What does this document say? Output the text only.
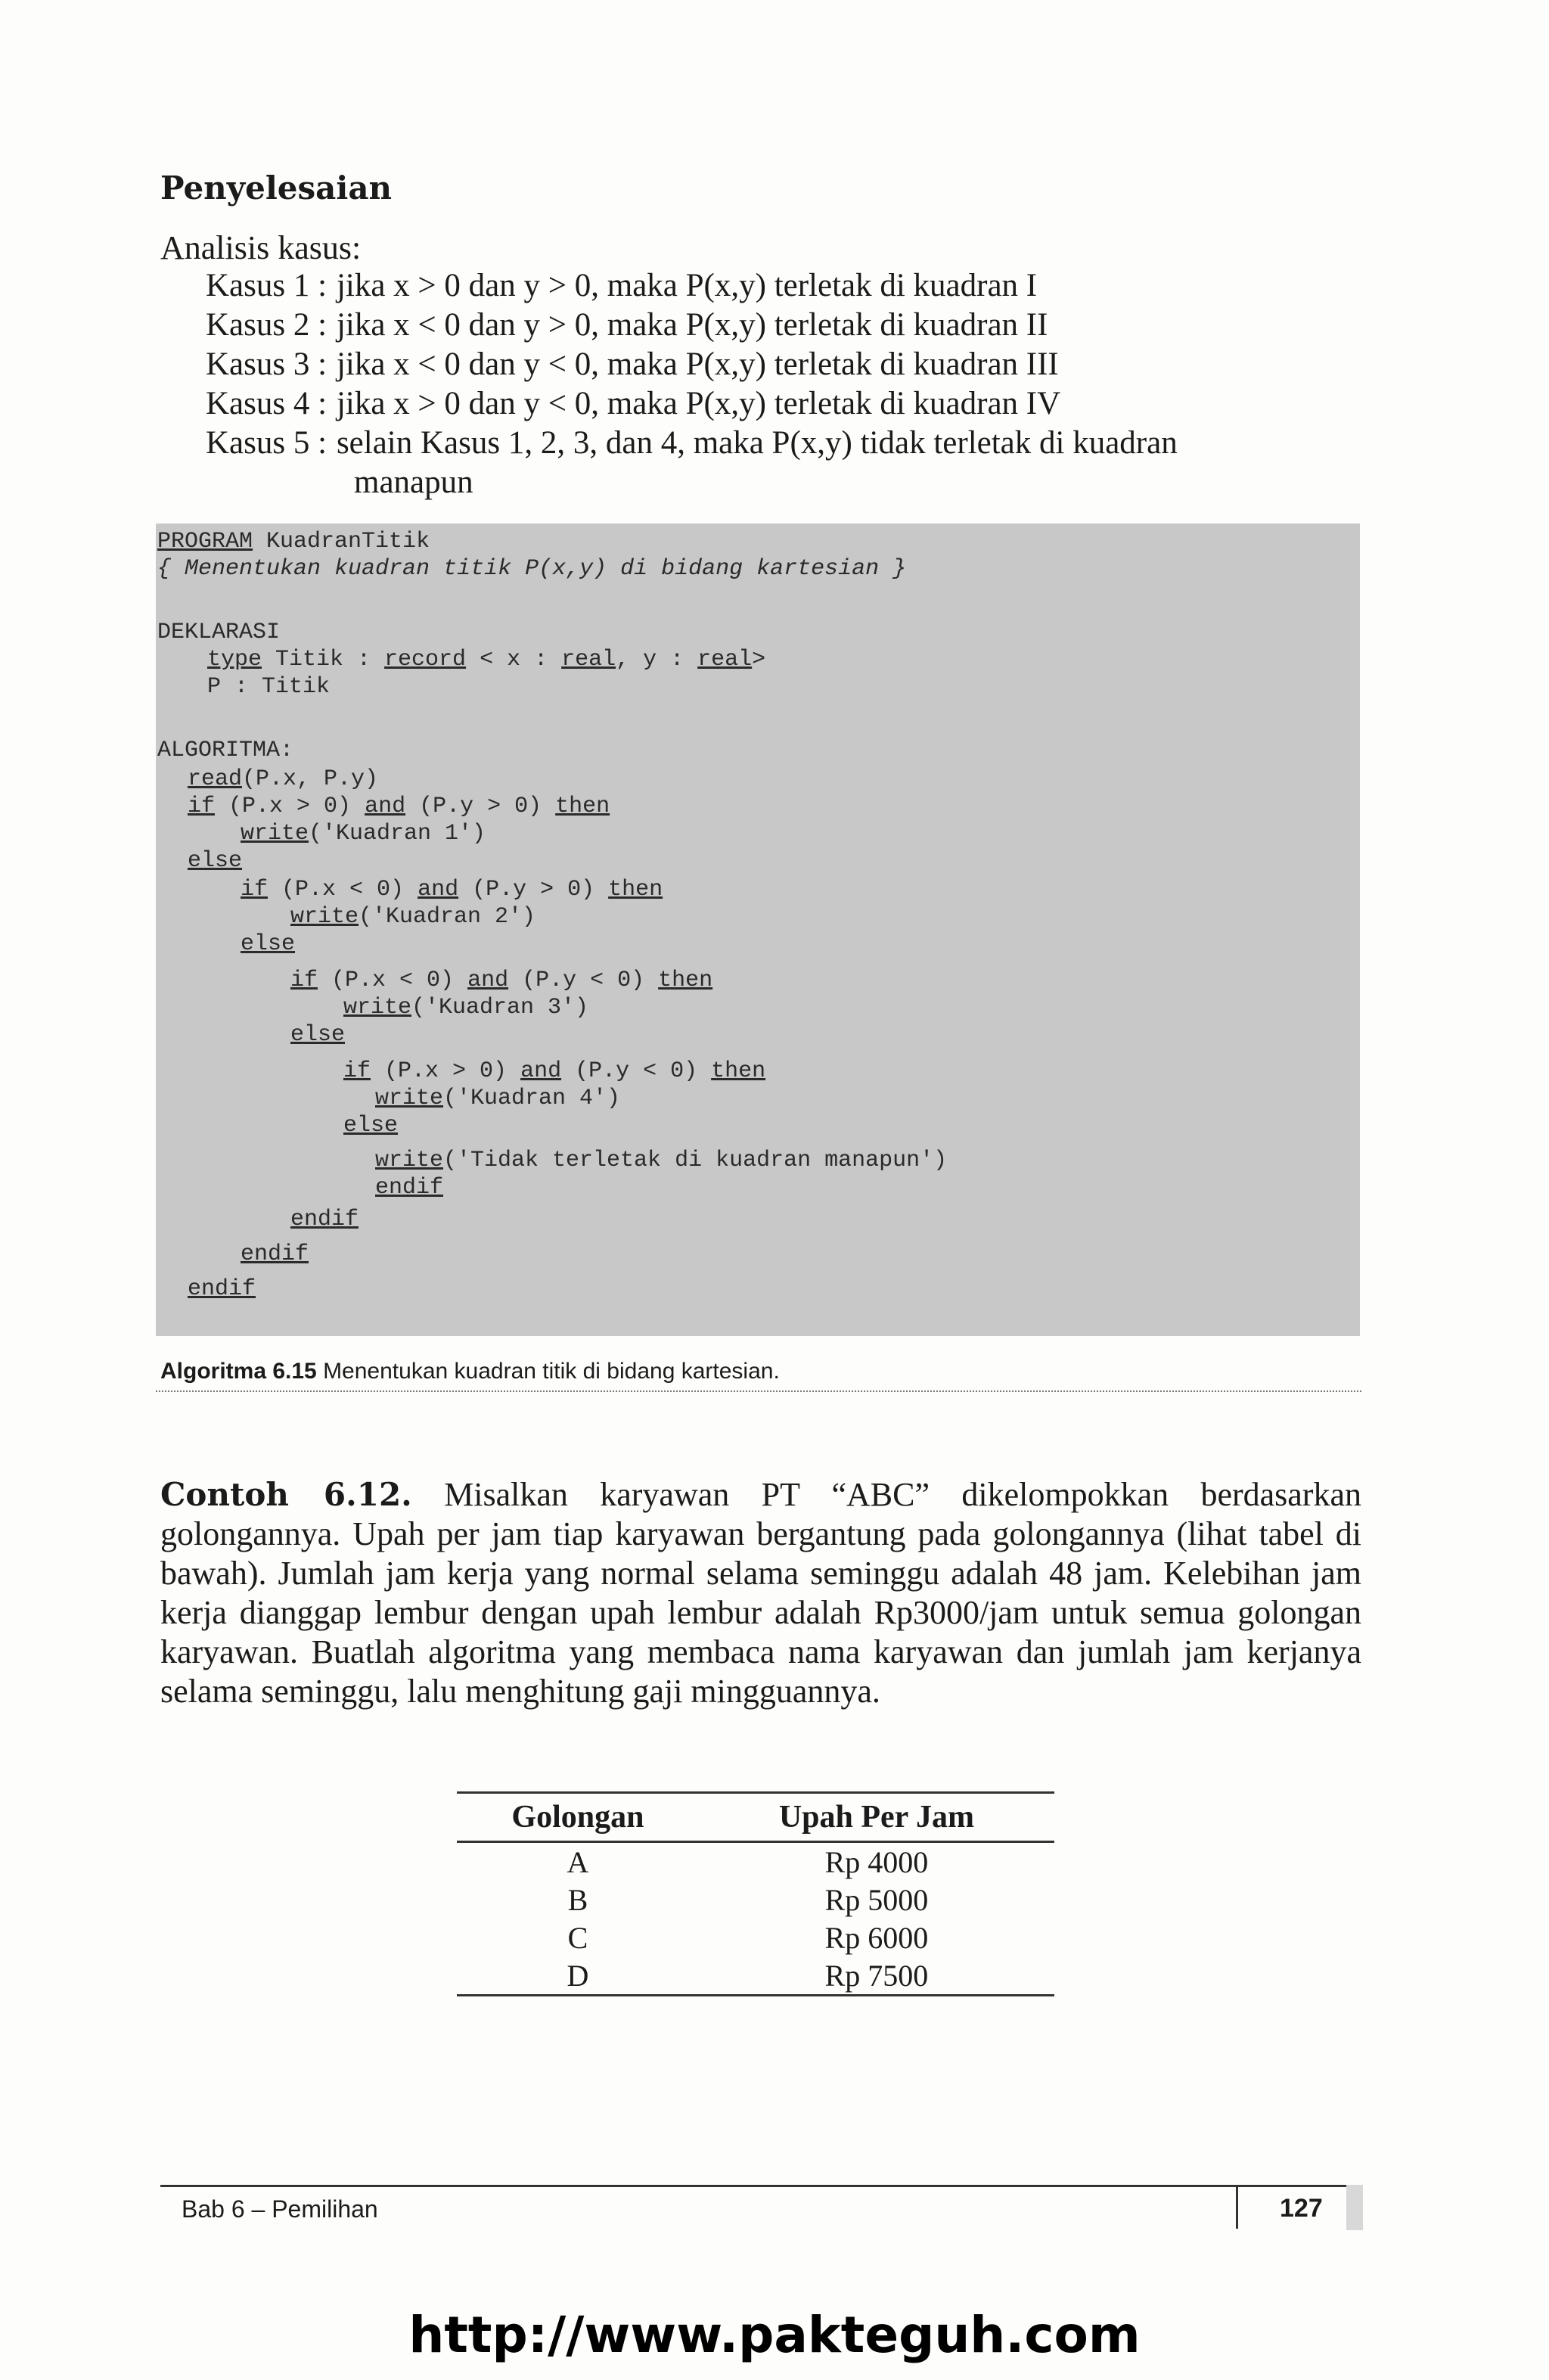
Penyelesaian
Analisis kasus:
Kasus 1 : jika x > 0 dan y > 0, maka P(x,y) terletak di kuadran I
Kasus 2 : jika x < 0 dan y > 0, maka P(x,y) terletak di kuadran II
Kasus 3 : jika x < 0 dan y < 0, maka P(x,y) terletak di kuadran III
Kasus 4 : jika x > 0 dan y < 0, maka P(x,y) terletak di kuadran IV
Kasus 5 : selain Kasus 1, 2, 3, dan 4, maka P(x,y) tidak terletak di kuadran
manapun
PROGRAM KuadranTitik
{ Menentukan kuadran titik P(x,y) di bidang kartesian }
DEKLARASI
type Titik : record < x : real, y : real>
P : Titik
ALGORITMA:
read(P.x, P.y)
if (P.x > 0) and (P.y > 0) then
write('Kuadran 1')
else
if (P.x < 0) and (P.y > 0) then
write('Kuadran 2')
else
if (P.x < 0) and (P.y < 0) then
write('Kuadran 3')
else
if (P.x > 0) and (P.y < 0) then
write('Kuadran 4')
else
write('Tidak terletak di kuadran manapun')
endif
endif
endif
endif
Algoritma 6.15 Menentukan kuadran titik di bidang kartesian.
Contoh 6.12. Misalkan karyawan PT “ABC” dikelompokkan berdasarkan golongannya. Upah per jam tiap karyawan bergantung pada golongannya (lihat tabel di bawah). Jumlah jam kerja yang normal selama seminggu adalah 48 jam. Kelebihan jam kerja dianggap lembur dengan upah lembur adalah Rp3000/jam untuk semua golongan karyawan. Buatlah algoritma yang membaca nama karyawan dan jumlah jam kerjanya selama seminggu, lalu menghitung gaji mingguannya.
Golongan	Upah Per Jam
A	Rp 4000
B	Rp 5000
C	Rp 6000
D	Rp 7500
Bab 6 – Pemilihan	127
http://www.pakteguh.com
